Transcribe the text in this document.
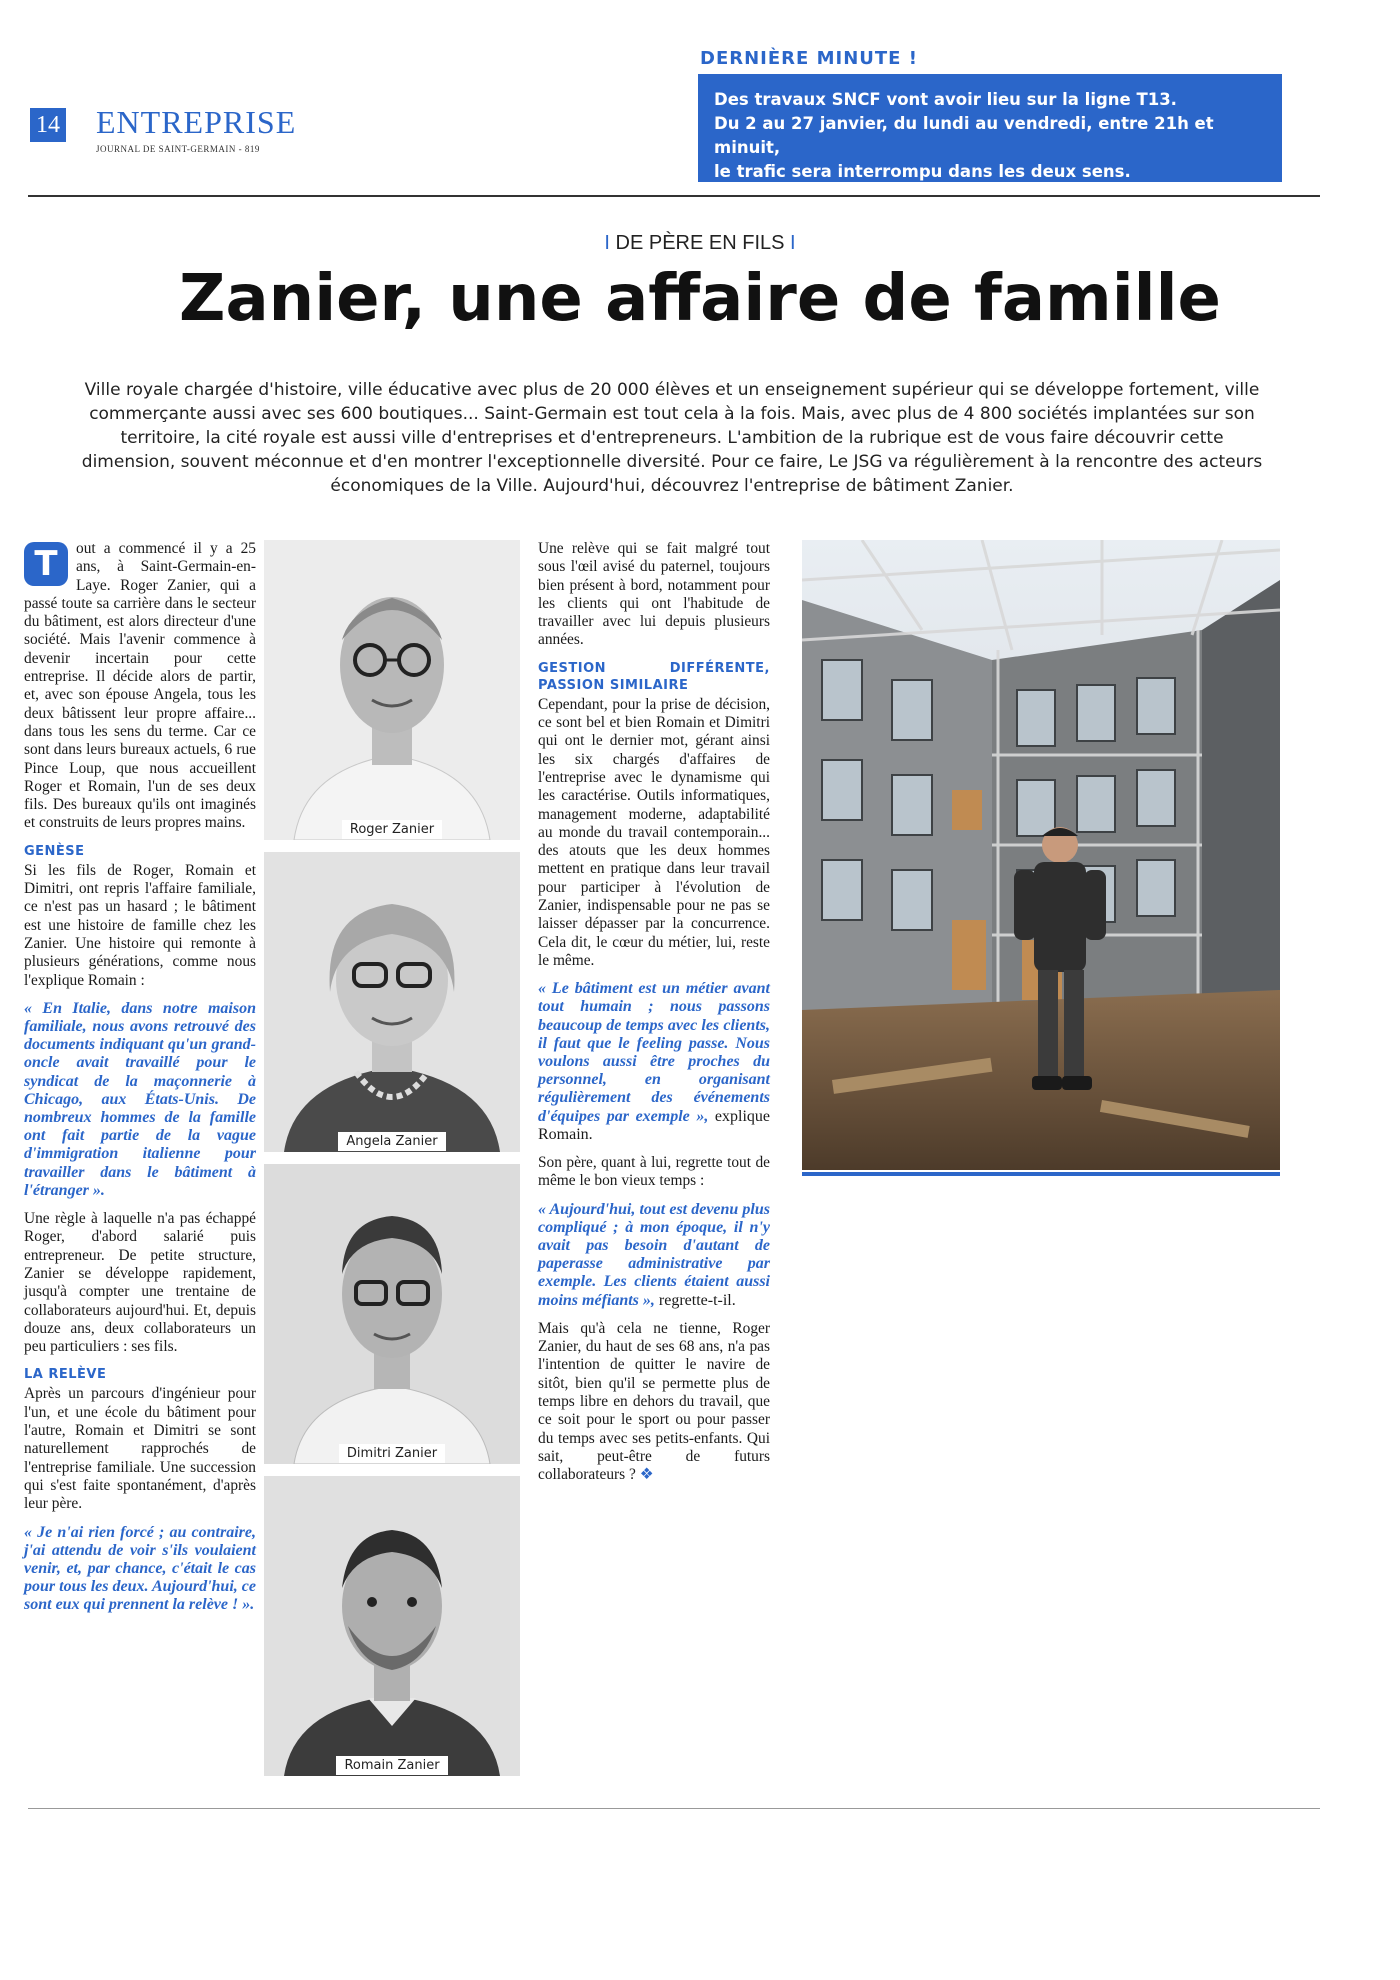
14 ENTREPRISE
JOURNAL DE SAINT-GERMAIN - 819
DERNIÈRE MINUTE !
Des travaux SNCF vont avoir lieu sur la ligne T13.
Du 2 au 27 janvier, du lundi au vendredi, entre 21h et minuit,
le trafic sera interrompu dans les deux sens.
I DE PÈRE EN FILS I
Zanier, une affaire de famille

Ville royale chargée d'histoire, ville éducative avec plus de 20 000 élèves et un enseignement supérieur qui se développe fortement, ville commerçante aussi avec ses 600 boutiques... Saint-Germain est tout cela à la fois. Mais, avec plus de 4 800 sociétés implantées sur son territoire, la cité royale est aussi ville d'entreprises et d'entrepreneurs. L'ambition de la rubrique est de vous faire découvrir cette dimension, souvent méconnue et d'en montrer l'exceptionnelle diversité. Pour ce faire, Le JSG va régulièrement à la rencontre des acteurs économiques de la Ville. Aujourd'hui, découvrez l'entreprise de bâtiment Zanier.

T	out a commencé il y a 25 ans, à Saint-Germain-en-Laye. Roger Zanier, qui a passé toute sa carrière dans le secteur du bâtiment, est alors directeur d'une société. Mais l'avenir commence à devenir incertain pour cette entreprise. Il décide alors de partir, et, avec son épouse Angela, tous les deux bâtissent leur propre affaire... dans tous les sens du terme. Car ce sont dans leurs bureaux actuels, 6 rue Pince Loup, que nous accueillent Roger et Romain, l'un de ses deux fils. Des bureaux qu'ils ont imaginés et construits de leurs propres mains.

GENÈSE

Si les fils de Roger, Romain et Dimitri, ont repris l'affaire familiale, ce n'est pas un hasard ; le bâtiment est une histoire de famille chez les Zanier. Une histoire qui remonte à plusieurs générations, comme nous l'explique Romain :

« En Italie, dans notre maison familiale, nous avons retrouvé des documents indiquant qu'un grand-oncle avait travaillé pour le syndicat de la maçonnerie à Chicago, aux États-Unis. De nombreux hommes de la famille ont fait partie de la vague d'immigration italienne pour travailler dans le bâtiment à l'étranger ».

Une règle à laquelle n'a pas échappé Roger, d'abord salarié puis entrepreneur. De petite structure, Zanier se développe rapidement, jusqu'à compter une trentaine de collaborateurs aujourd'hui. Et, depuis douze ans, deux collaborateurs un peu particuliers : ses fils.

LA RELÈVE

Après un parcours d'ingénieur pour l'un, et une école du bâtiment pour l'autre, Romain et Dimitri se sont naturellement rapprochés de l'entreprise familiale. Une succession qui s'est faite spontanément, d'après leur père.

« Je n'ai rien forcé ; au contraire, j'ai attendu de voir s'ils voulaient venir, et, par chance, c'était le cas pour tous les deux. Aujourd'hui, ce sont eux qui prennent la relève ! ».

Roger Zanier
Angela Zanier
Dimitri Zanier
Romain Zanier

Une relève qui se fait malgré tout sous l'œil avisé du paternel, toujours bien présent à bord, notamment pour les clients qui ont l'habitude de travailler avec lui depuis plusieurs années.

GESTION DIFFÉRENTE, PASSION SIMILAIRE

Cependant, pour la prise de décision, ce sont bel et bien Romain et Dimitri qui ont le dernier mot, gérant ainsi les six chargés d'affaires de l'entreprise avec le dynamisme qui les caractérise. Outils informatiques, management moderne, adaptabilité au monde du travail contemporain... des atouts que les deux hommes mettent en pratique dans leur travail pour participer à l'évolution de Zanier, indispensable pour ne pas se laisser dépasser par la concurrence. Cela dit, le cœur du métier, lui, reste le même.

« Le bâtiment est un métier avant tout humain ; nous passons beaucoup de temps avec les clients, il faut que le feeling passe. Nous voulons aussi être proches du personnel, en organisant régulièrement des événements d'équipes par exemple », explique Romain.

Son père, quant à lui, regrette tout de même le bon vieux temps :

« Aujourd'hui, tout est devenu plus compliqué ; à mon époque, il n'y avait pas besoin d'autant de paperasse administrative par exemple. Les clients étaient aussi moins méfiants », regrette-t-il.

Mais qu'à cela ne tienne, Roger Zanier, du haut de ses 68 ans, n'a pas l'intention de quitter le navire de sitôt, bien qu'il se permette plus de temps libre en dehors du travail, que ce soit pour le sport ou pour passer du temps avec ses petits-enfants. Qui sait, peut-être de futurs collaborateurs ? ❖
